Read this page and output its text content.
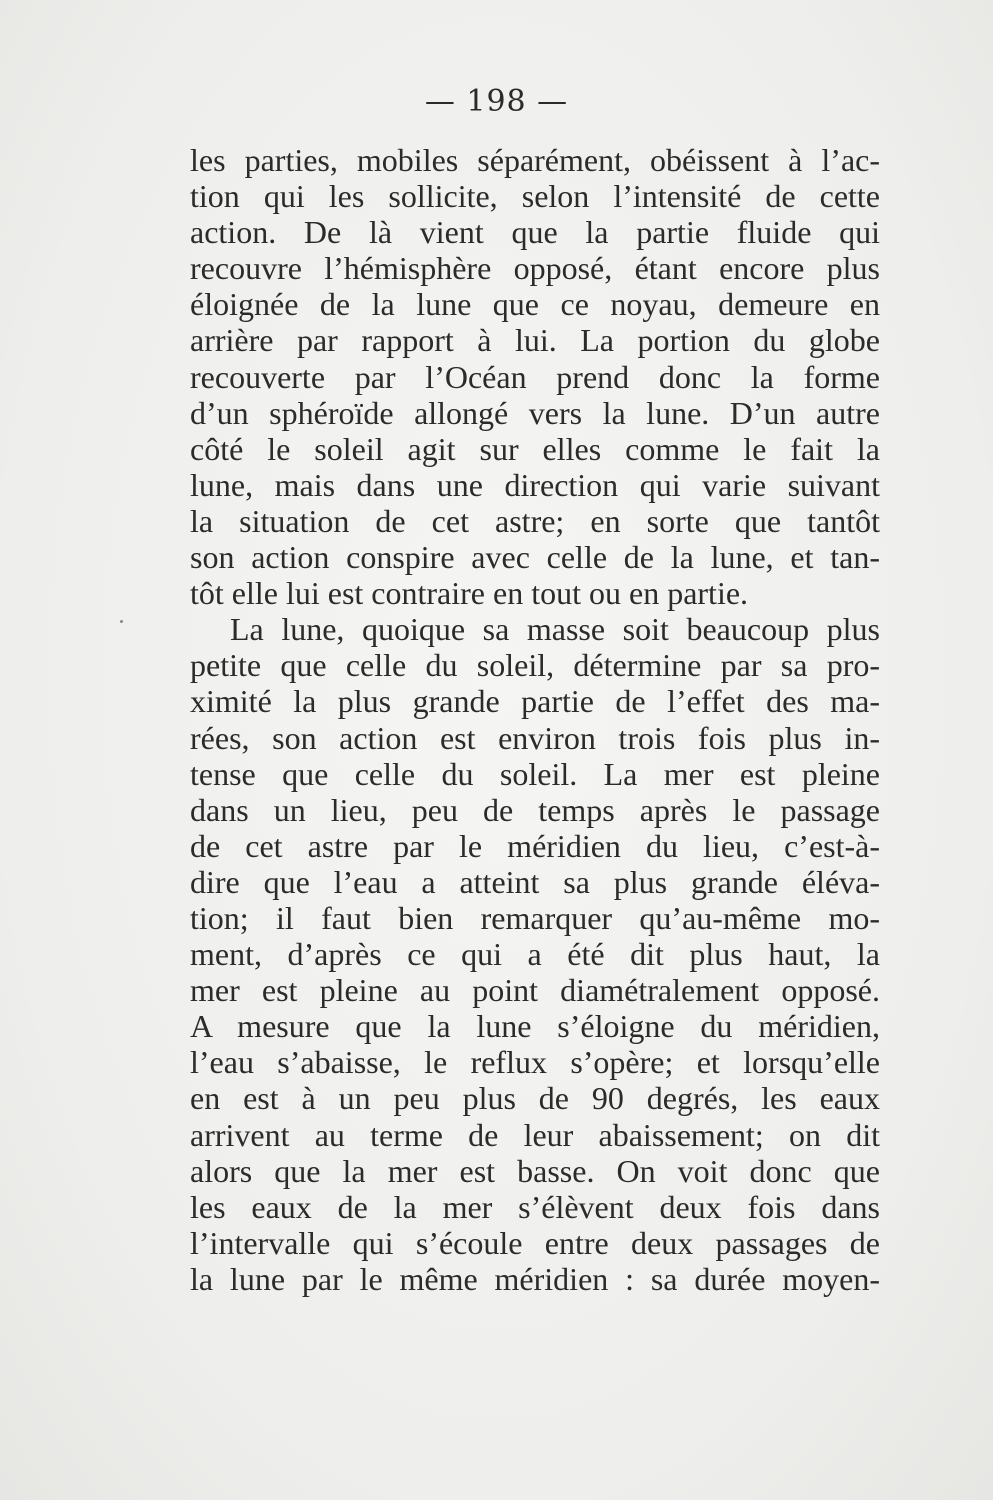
— 198 —
les parties, mobiles séparément, obéissent à l’ac-
tion qui les sollicite, selon l’intensité de cette
action. De là vient que la partie fluide qui
recouvre l’hémisphère opposé, étant encore plus
éloignée de la lune que ce noyau, demeure en
arrière par rapport à lui. La portion du globe
recouverte par l’Océan prend donc la forme
d’un sphéroïde allongé vers la lune. D’un autre
côté le soleil agit sur elles comme le fait la
lune, mais dans une direction qui varie suivant
la situation de cet astre; en sorte que tantôt
son action conspire avec celle de la lune, et tan-
tôt elle lui est contraire en tout ou en partie.
La lune, quoique sa masse soit beaucoup plus
petite que celle du soleil, détermine par sa pro-
ximité la plus grande partie de l’effet des ma-
rées, son action est environ trois fois plus in-
tense que celle du soleil. La mer est pleine
dans un lieu, peu de temps après le passage
de cet astre par le méridien du lieu, c’est-à-
dire que l’eau a atteint sa plus grande éléva-
tion; il faut bien remarquer qu’au-même mo-
ment, d’après ce qui a été dit plus haut, la
mer est pleine au point diamétralement opposé.
A mesure que la lune s’éloigne du méridien,
l’eau s’abaisse, le reflux s’opère; et lorsqu’elle
en est à un peu plus de 90 degrés, les eaux
arrivent au terme de leur abaissement; on dit
alors que la mer est basse. On voit donc que
les eaux de la mer s’élèvent deux fois dans
l’intervalle qui s’écoule entre deux passages de
la lune par le même méridien : sa durée moyen-
